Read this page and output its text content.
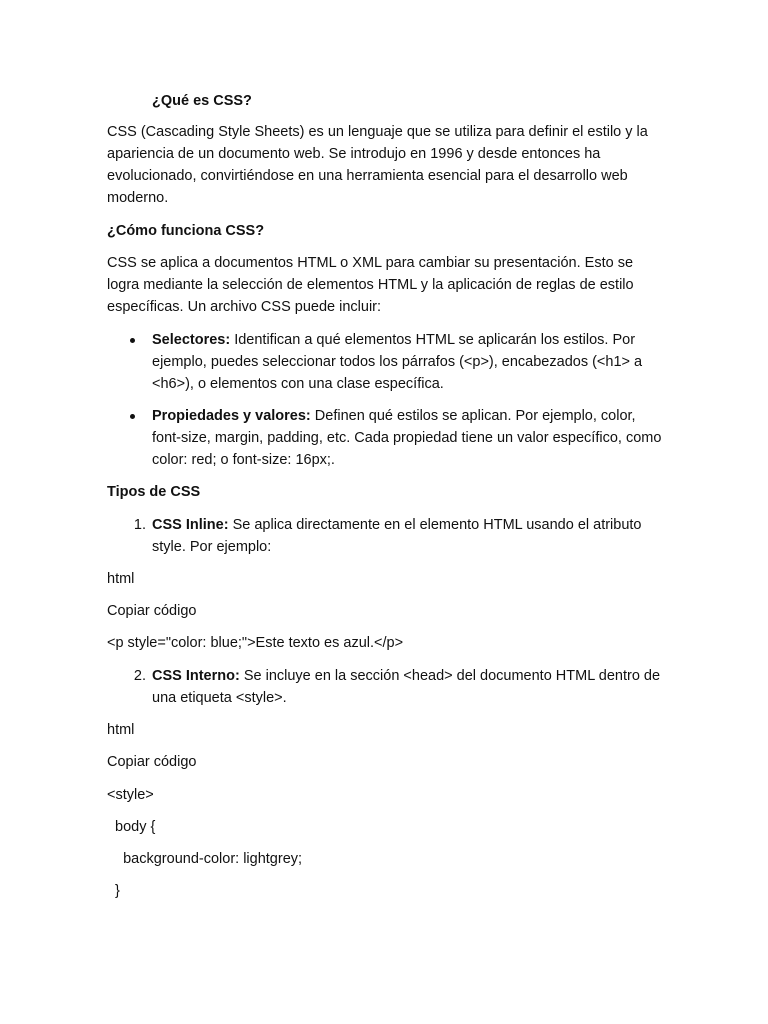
¿Qué es CSS?

CSS (Cascading Style Sheets) es un lenguaje que se utiliza para definir el estilo y la apariencia de un documento web. Se introdujo en 1996 y desde entonces ha evolucionado, convirtiéndose en una herramienta esencial para el desarrollo web moderno.

¿Cómo funciona CSS?

CSS se aplica a documentos HTML o XML para cambiar su presentación. Esto se logra mediante la selección de elementos HTML y la aplicación de reglas de estilo específicas. Un archivo CSS puede incluir:

Selectores: Identifican a qué elementos HTML se aplicarán los estilos. Por ejemplo, puedes seleccionar todos los párrafos (<p>), encabezados (<h1> a <h6>), o elementos con una clase específica.
Propiedades y valores: Definen qué estilos se aplican. Por ejemplo, color, font-size, margin, padding, etc. Cada propiedad tiene un valor específico, como color: red; o font-size: 16px;.

Tipos de CSS

1. CSS Inline: Se aplica directamente en el elemento HTML usando el atributo style. Por ejemplo:

html

Copiar código

<p style="color: blue;">Este texto es azul.</p>

2. CSS Interno: Se incluye en la sección <head> del documento HTML dentro de una etiqueta <style>.

html

Copiar código

<style>

body {

background-color: lightgrey;

}
